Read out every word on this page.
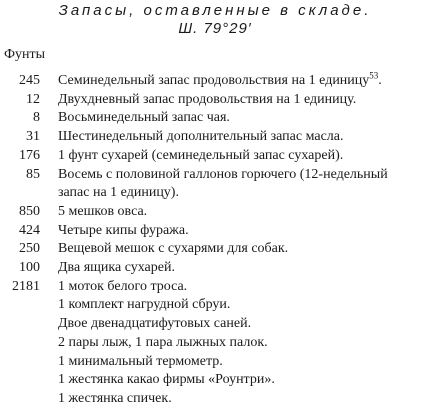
Запасы, оставленные в складе.
Ш. 79°29′
Фунты
245 Семинедельный запас продовольствия на 1 единицу$^{53}$.
12 Двухдневный запас продовольствия на 1 единицу.
8 Восьминедельный запас чая.
31 Шестинедельный дополнительный запас масла.
176 1 фунт сухарей (семинедельный запас сухарей).
85 Восемь с половиной галлонов горючего (12-недельный
запас на 1 единицу).
850 5 мешков овса.
424 Четыре кипы фуража.
250 Вещевой мешок с сухарями для собак.
100 Два ящика сухарей.
2181 1 моток белого троса.
1 комплект нагрудной сбруи.
Двое двенадцатифутовых саней.
2 пары лыж, 1 пара лыжных палок.
1 минимальный термометр.
1 жестянка какао фирмы «Роунтри».
1 жестянка спичек.
